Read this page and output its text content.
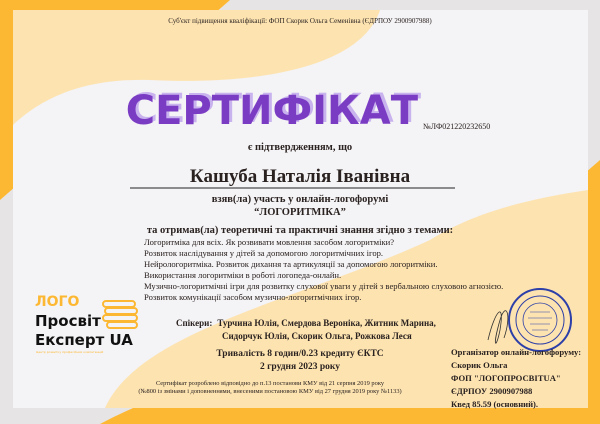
Суб'єкт підвищення кваліфікації: ФОП Скорик Ольга Семенівна (ЄДРПОУ 2900907988)
СЕРТИФІКАТ №ЛФ021220232650
є підтвердженням, що
Кашуба Наталія Іванівна
взяв(ла) участь у онлайн-логофорумі
“ЛОГОРИТМІКА”
та отримав(ла) теоретичні та практичні знання згідно з темами:
Логоритміка для всіх. Як розвивати мовлення засобом логоритміки?
Розвиток наслідування у дітей за допомогою логоритмічних ігор.
Нейрологоритміка. Розвиток дихання та артикуляції за допомогою логоритміки.
Використання логоритміки в роботі логопеда-онлайн.
Музично-логоритмічні ігри для розвитку слухової уваги у дітей з вербальною слуховою агнозією.
Розвиток комунікації засобом музично-логоритмічних ігор.
ЛОГО
Просвіт
Експерт UA
Центр розвитку професійних компетенцій
Спікери: Турчина Юлія, Смердова Вероніка, Житник Марина,
Сидорчук Юлія, Скорик Ольга, Рожкова Леся
Тривалість 8 годин/0.23 кредиту ЄКТС
2 грудня 2023 року
Сертифікат розроблено відповідно до п.13 постанови КМУ від 21 серпня 2019 року
(№800 із змінами і доповненнями, внесеними постановою КМУ від 27 грудня 2019 року №1133)
Організатор онлайн-логофоруму:
Скорик Ольга
ФОП "ЛОГОПРОСВІТUA"
ЄДРПОУ 2900907988
Квед 85.59 (основний).
